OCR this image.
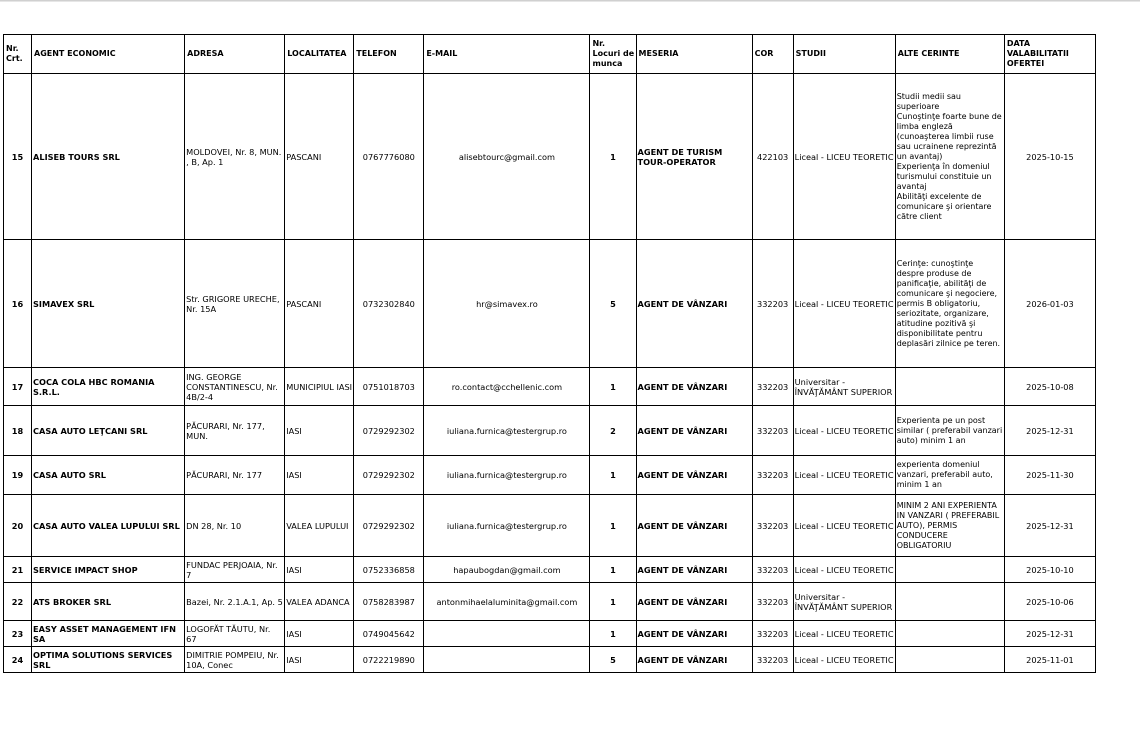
Nr. Crt.	AGENT ECONOMIC	ADRESA	LOCALITATEA	TELEFON	E-MAIL	Nr. Locuri de munca	MESERIA	COR	STUDII	ALTE CERINTE	DATA VALABILITATII OFERTEI
15	ALISEB TOURS SRL	MOLDOVEI, Nr. 8, MUN. , B, Ap. 1	PASCANI	0767776080	alisebtourc@gmail.com	1	AGENT DE TURISM TOUR-OPERATOR	422103	Liceal - LICEU TEORETIC	Studii medii sau superioare
Cunoştinţe foarte bune de limba engleză (cunoaşterea limbii ruse sau ucrainene reprezintă un avantaj)
Experienţa în domeniul turismului constituie un avantaj
Abilităţi excelente de comunicare şi orientare către client	2025-10-15
16	SIMAVEX SRL	Str. GRIGORE URECHE, Nr. 15A	PASCANI	0732302840	hr@simavex.ro	5	AGENT DE VÂNZARI	332203	Liceal - LICEU TEORETIC	Cerinţe: cunoştinţe despre produse de panificaţie, abilităţi de comunicare şi negociere, permis B obligatoriu, seriozitate, organizare, atitudine pozitivă şi disponibilitate pentru deplasări zilnice pe teren.	2026-01-03
17	COCA COLA HBC ROMANIA S.R.L.	ING. GEORGE CONSTANTINESCU, Nr. 4B/2-4	MUNICIPIUL IASI	0751018703	ro.contact@cchellenic.com	1	AGENT DE VÂNZARI	332203	Universitar - ÎNVĂŢĂMÂNT SUPERIOR		2025-10-08
18	CASA AUTO LEŢCANI SRL	PĂCURARI, Nr. 177, MUN.	IASI	0729292302	iuliana.furnica@testergrup.ro	2	AGENT DE VÂNZARI	332203	Liceal - LICEU TEORETIC	Experienta pe un post similar ( preferabil vanzari auto) minim 1 an	2025-12-31
19	CASA AUTO SRL	PĂCURARI, Nr. 177	IASI	0729292302	iuliana.furnica@testergrup.ro	1	AGENT DE VÂNZARI	332203	Liceal - LICEU TEORETIC	experienta domeniul vanzari, preferabil auto, minim 1 an	2025-11-30
20	CASA AUTO VALEA LUPULUI SRL	DN 28, Nr. 10	VALEA LUPULUI	0729292302	iuliana.furnica@testergrup.ro	1	AGENT DE VÂNZARI	332203	Liceal - LICEU TEORETIC	MINIM 2 ANI EXPERIENTA IN VANZARI ( PREFERABIL AUTO), PERMIS CONDUCERE OBLIGATORIU	2025-12-31
21	SERVICE IMPACT SHOP	FUNDAC PERJOAIA, Nr. 7	IASI	0752336858	hapaubogdan@gmail.com	1	AGENT DE VÂNZARI	332203	Liceal - LICEU TEORETIC		2025-10-10
22	ATS BROKER SRL	Bazei, Nr. 2.1.A.1, Ap. 5	VALEA ADANCA	0758283987	antonmihaelaluminita@gmail.com	1	AGENT DE VÂNZARI	332203	Universitar - ÎNVĂŢĂMÂNT SUPERIOR		2025-10-06
23	EASY ASSET MANAGEMENT IFN SA	LOGOFĂT TĂUTU, Nr. 67	IASI	0749045642		1	AGENT DE VÂNZARI	332203	Liceal - LICEU TEORETIC		2025-12-31
24	OPTIMA SOLUTIONS SERVICES SRL	DIMITRIE POMPEIU, Nr. 10A, Conec	IASI	0722219890		5	AGENT DE VÂNZARI	332203	Liceal - LICEU TEORETIC		2025-11-01
